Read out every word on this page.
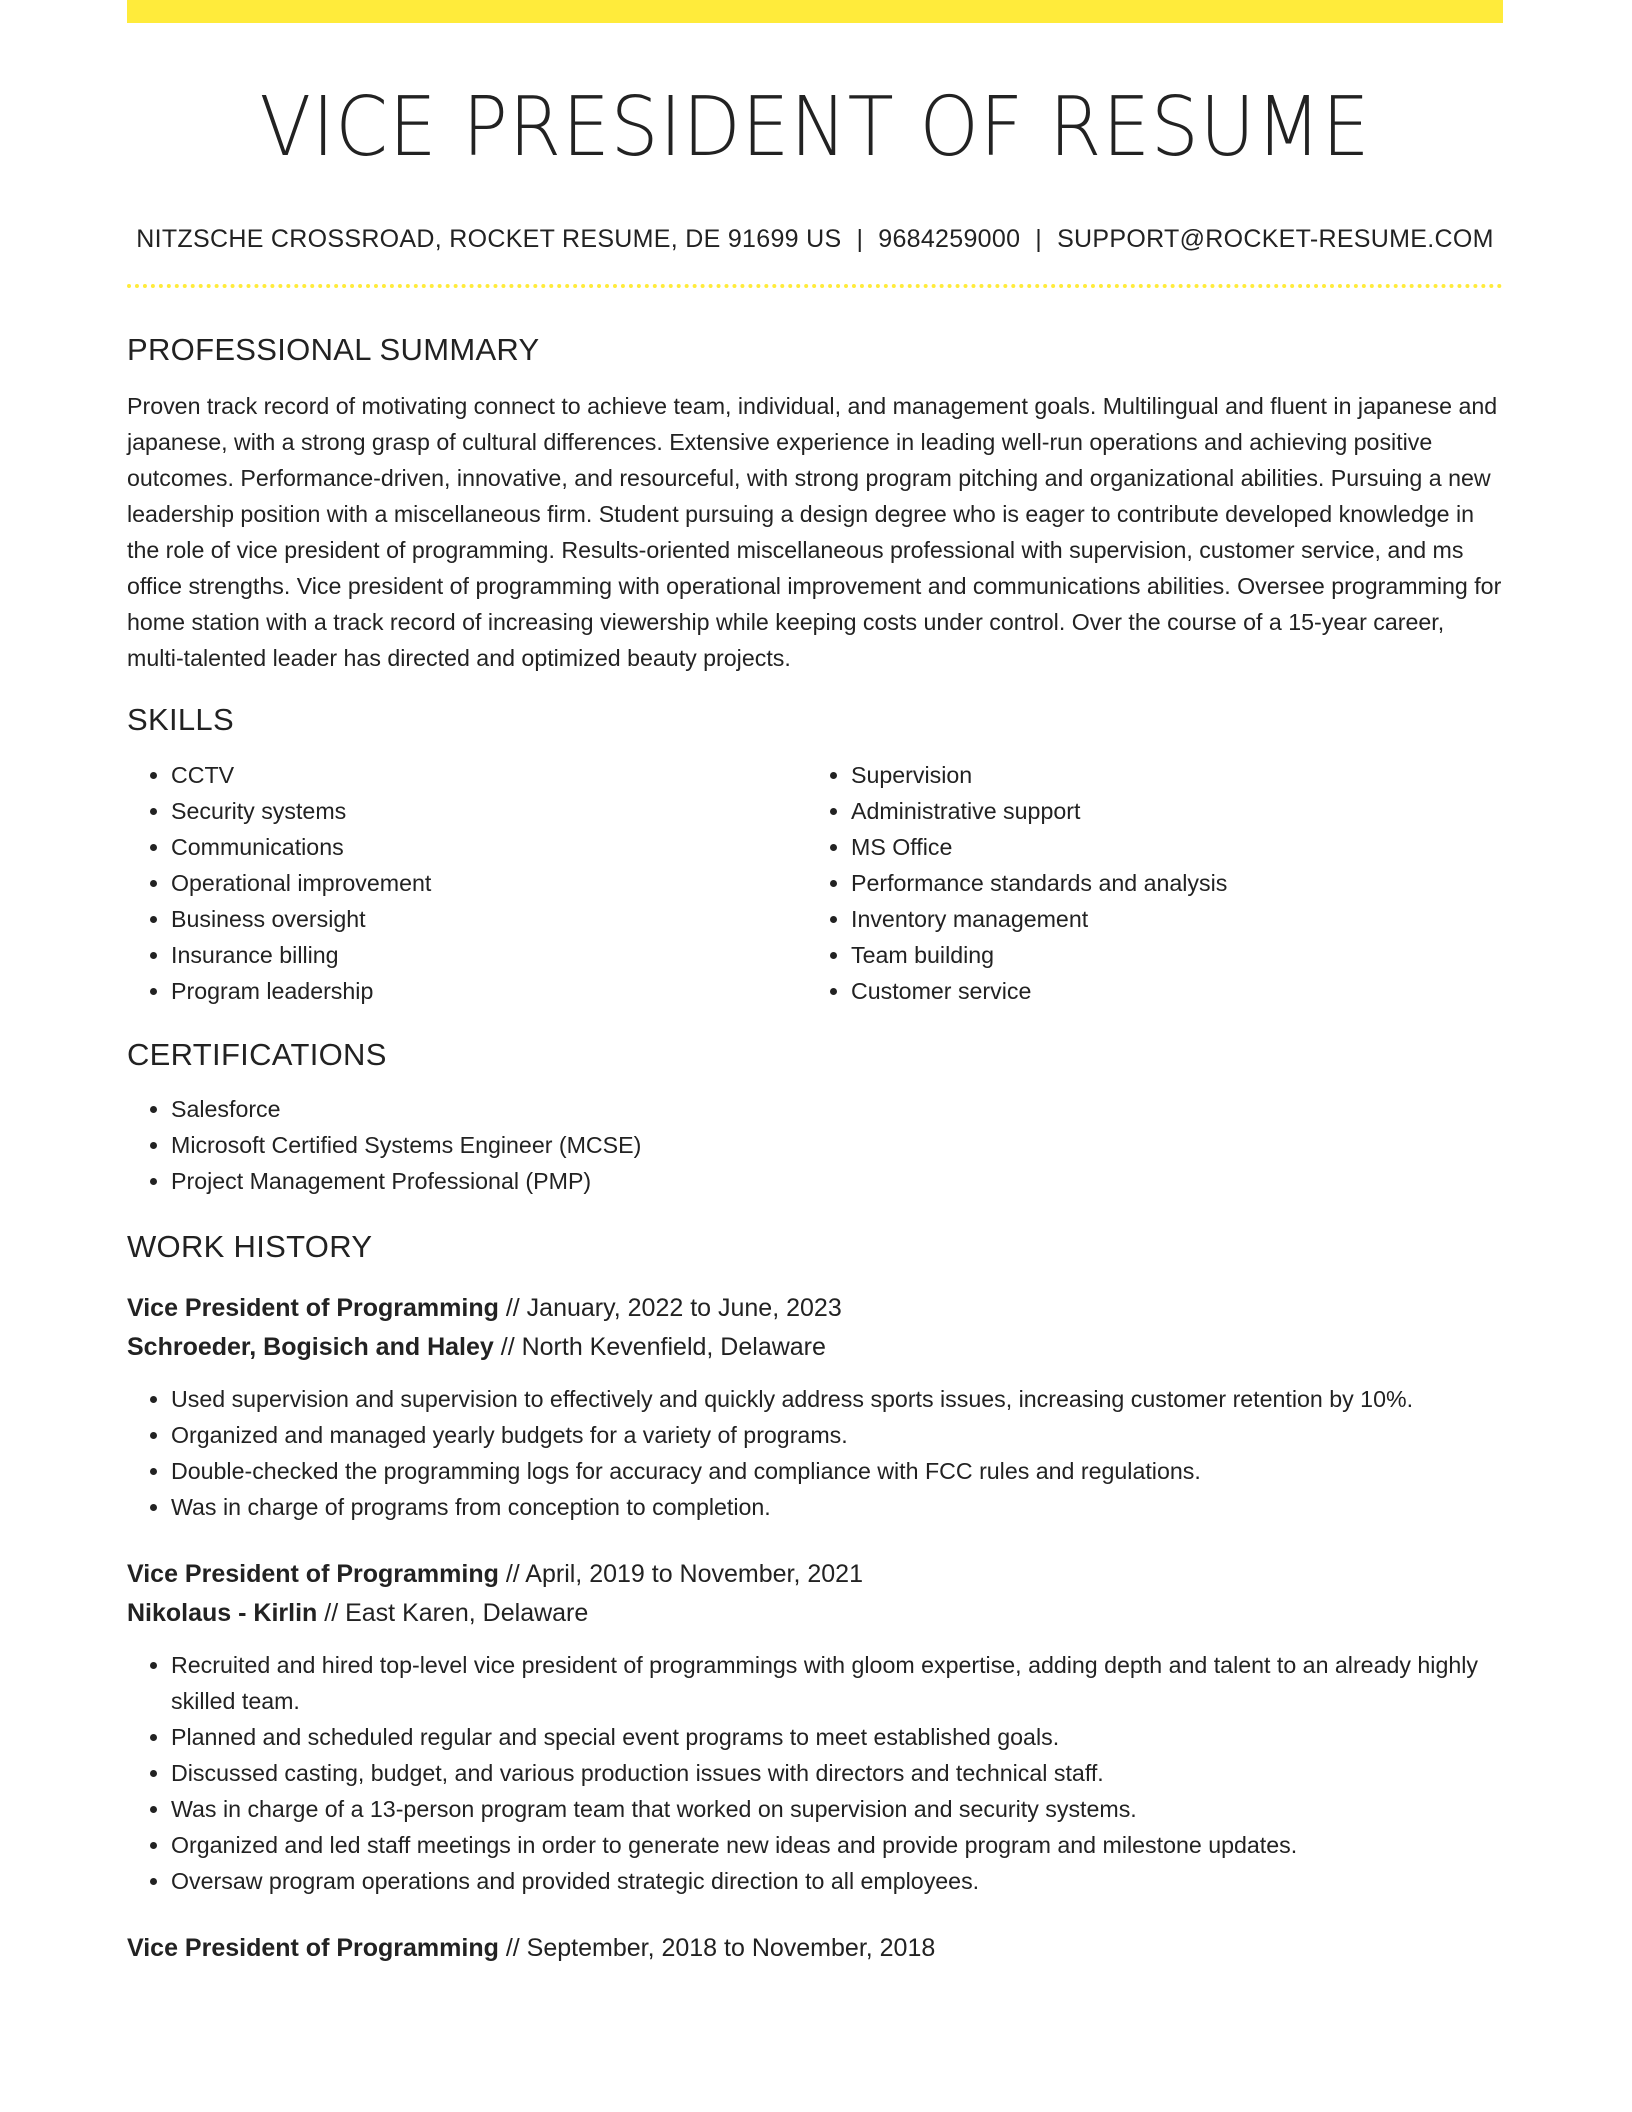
VICE PRESIDENT OF RESUME
NITZSCHE CROSSROAD, ROCKET RESUME, DE 91699 US | 9684259000 | SUPPORT@ROCKET-RESUME.COM
PROFESSIONAL SUMMARY
Proven track record of motivating connect to achieve team, individual, and management goals. Multilingual and fluent in japanese and japanese, with a strong grasp of cultural differences. Extensive experience in leading well-run operations and achieving positive outcomes. Performance-driven, innovative, and resourceful, with strong program pitching and organizational abilities. Pursuing a new leadership position with a miscellaneous firm. Student pursuing a design degree who is eager to contribute developed knowledge in the role of vice president of programming. Results-oriented miscellaneous professional with supervision, customer service, and ms office strengths. Vice president of programming with operational improvement and communications abilities. Oversee programming for home station with a track record of increasing viewership while keeping costs under control. Over the course of a 15-year career, multi-talented leader has directed and optimized beauty projects.
SKILLS
• CCTV
• Security systems
• Communications
• Operational improvement
• Business oversight
• Insurance billing
• Program leadership
• Supervision
• Administrative support
• MS Office
• Performance standards and analysis
• Inventory management
• Team building
• Customer service
CERTIFICATIONS
• Salesforce
• Microsoft Certified Systems Engineer (MCSE)
• Project Management Professional (PMP)
WORK HISTORY
Vice President of Programming // January, 2022 to June, 2023
Schroeder, Bogisich and Haley // North Kevenfield, Delaware
• Used supervision and supervision to effectively and quickly address sports issues, increasing customer retention by 10%.
• Organized and managed yearly budgets for a variety of programs.
• Double-checked the programming logs for accuracy and compliance with FCC rules and regulations.
• Was in charge of programs from conception to completion.
Vice President of Programming // April, 2019 to November, 2021
Nikolaus - Kirlin // East Karen, Delaware
• Recruited and hired top-level vice president of programmings with gloom expertise, adding depth and talent to an already highly skilled team.
• Planned and scheduled regular and special event programs to meet established goals.
• Discussed casting, budget, and various production issues with directors and technical staff.
• Was in charge of a 13-person program team that worked on supervision and security systems.
• Organized and led staff meetings in order to generate new ideas and provide program and milestone updates.
• Oversaw program operations and provided strategic direction to all employees.
Vice President of Programming // September, 2018 to November, 2018
